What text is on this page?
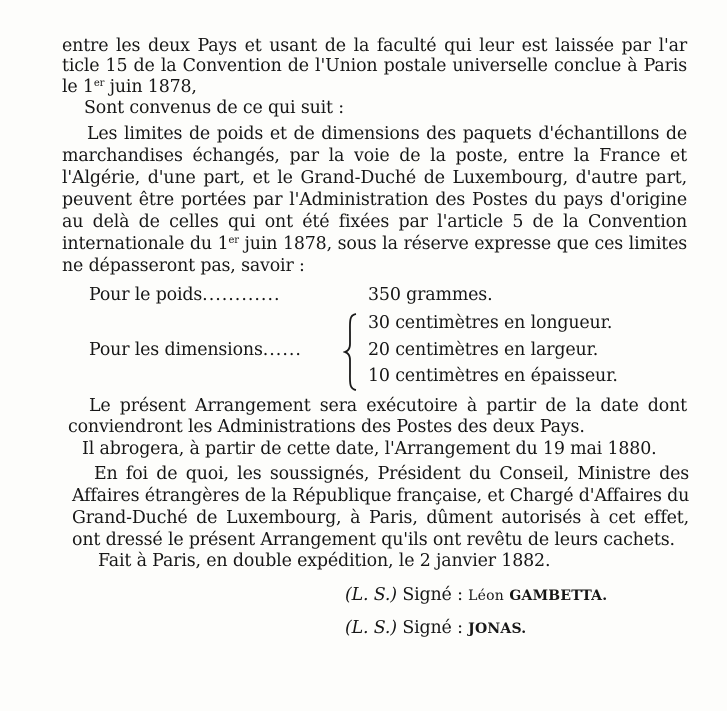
entre les deux Pays et usant de la faculté qui leur est laissée par l'ar
ticle 15 de la Convention de l'Union postale universelle conclue à Paris
le 1er juin 1878,
Sont convenus de ce qui suit :
Les limites de poids et de dimensions des paquets d'échantillons de
marchandises échangés, par la voie de la poste, entre la France et
l'Algérie, d'une part, et le Grand-Duché de Luxembourg, d'autre part,
peuvent être portées par l'Administration des Postes du pays d'origine
au delà de celles qui ont été fixées par l'article 5 de la Convention
internationale du 1er juin 1878, sous la réserve expresse que ces limites
ne dépasseront pas, savoir :
Pour le poids............	350 grammes.
Pour les dimensions......
30 centimètres en longueur.
20 centimètres en largeur.
10 centimètres en épaisseur.
Le présent Arrangement sera exécutoire à partir de la date dont
conviendront les Administrations des Postes des deux Pays.
Il abrogera, à partir de cette date, l'Arrangement du 19 mai 1880.
En foi de quoi, les soussignés, Président du Conseil, Ministre des
Affaires étrangères de la République française, et Chargé d'Affaires du
Grand-Duché de Luxembourg, à Paris, dûment autorisés à cet effet,
ont dressé le présent Arrangement qu'ils ont revêtu de leurs cachets.
Fait à Paris, en double expédition, le 2 janvier 1882.
(L. S.) Signé : Léon GAMBETTA.
(L. S.) Signé : JONAS.
